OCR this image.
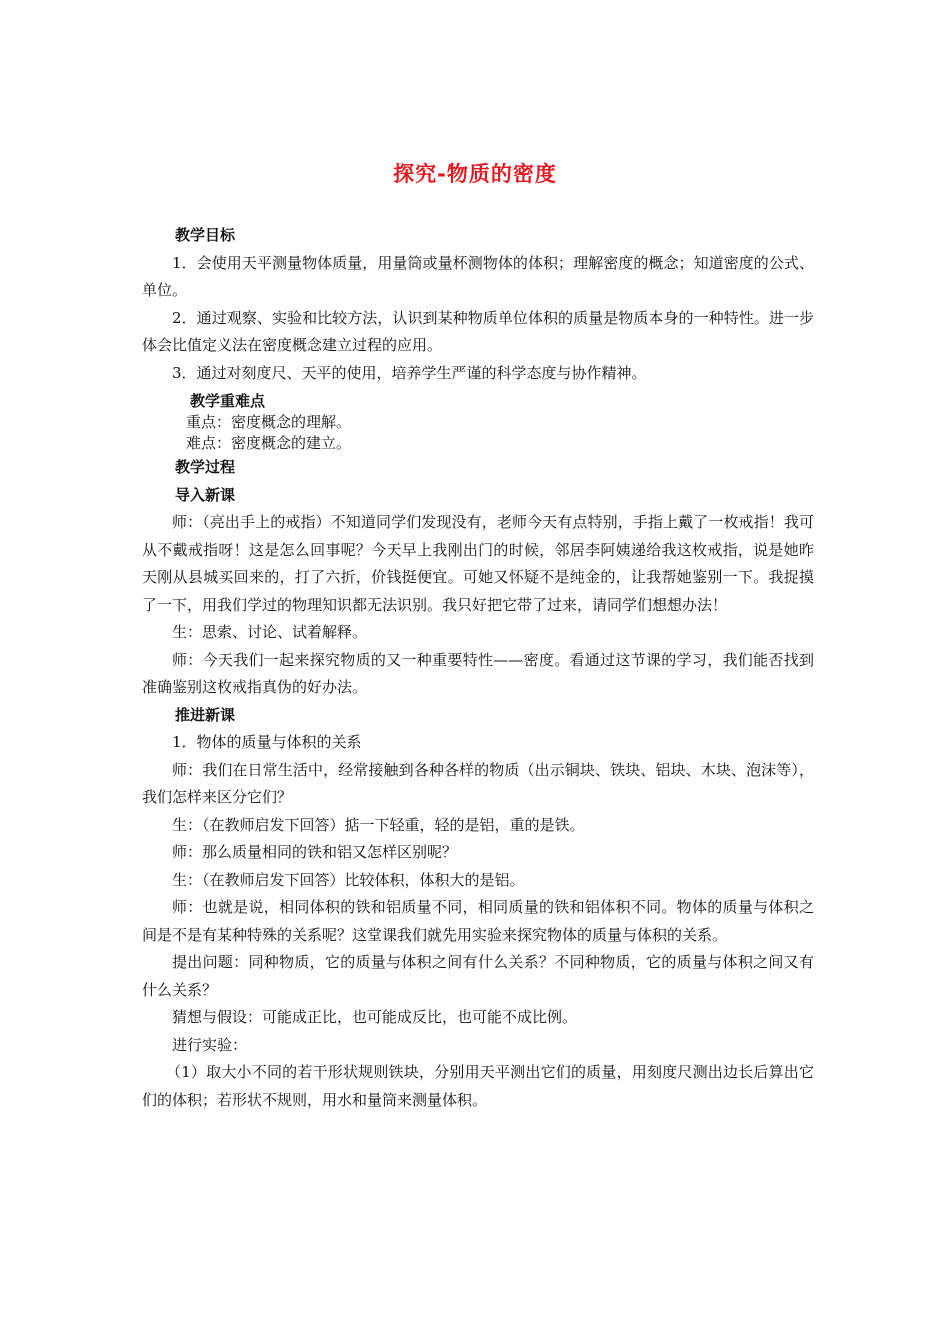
探究-物质的密度

教学目标

1．会使用天平测量物体质量，用量筒或量杯测物体的体积；理解密度的概念；知道密度的公式、单位。

2．通过观察、实验和比较方法，认识到某种物质单位体积的质量是物质本身的一种特性。进一步体会比值定义法在密度概念建立过程的应用。

3．通过对刻度尺、天平的使用，培养学生严谨的科学态度与协作精神。

教学重难点
重点：密度概念的理解。
难点：密度概念的建立。

教学过程

导入新课

师：（亮出手上的戒指）不知道同学们发现没有，老师今天有点特别，手指上戴了一枚戒指！我可从不戴戒指呀！这是怎么回事呢？今天早上我刚出门的时候，邻居李阿姨递给我这枚戒指，说是她昨天刚从县城买回来的，打了六折，价钱挺便宜。可她又怀疑不是纯金的，让我帮她鉴别一下。我捉摸了一下，用我们学过的物理知识都无法识别。我只好把它带了过来，请同学们想想办法！

生：思索、讨论、试着解释。

师：今天我们一起来探究物质的又一种重要特性——密度。看通过这节课的学习，我们能否找到准确鉴别这枚戒指真伪的好办法。

推进新课

1．物体的质量与体积的关系

师：我们在日常生活中，经常接触到各种各样的物质（出示铜块、铁块、铝块、木块、泡沫等），我们怎样来区分它们？

生：（在教师启发下回答）掂一下轻重，轻的是铝，重的是铁。

师：那么质量相同的铁和铝又怎样区别呢？

生：（在教师启发下回答）比较体积，体积大的是铝。

师：也就是说，相同体积的铁和铝质量不同，相同质量的铁和铝体积不同。物体的质量与体积之间是不是有某种特殊的关系呢？这堂课我们就先用实验来探究物体的质量与体积的关系。

提出问题：同种物质，它的质量与体积之间有什么关系？不同种物质，它的质量与体积之间又有什么关系？

猜想与假设：可能成正比，也可能成反比，也可能不成比例。

进行实验：

（1）取大小不同的若干形状规则铁块，分别用天平测出它们的质量，用刻度尺测出边长后算出它们的体积；若形状不规则，用水和量筒来测量体积。
